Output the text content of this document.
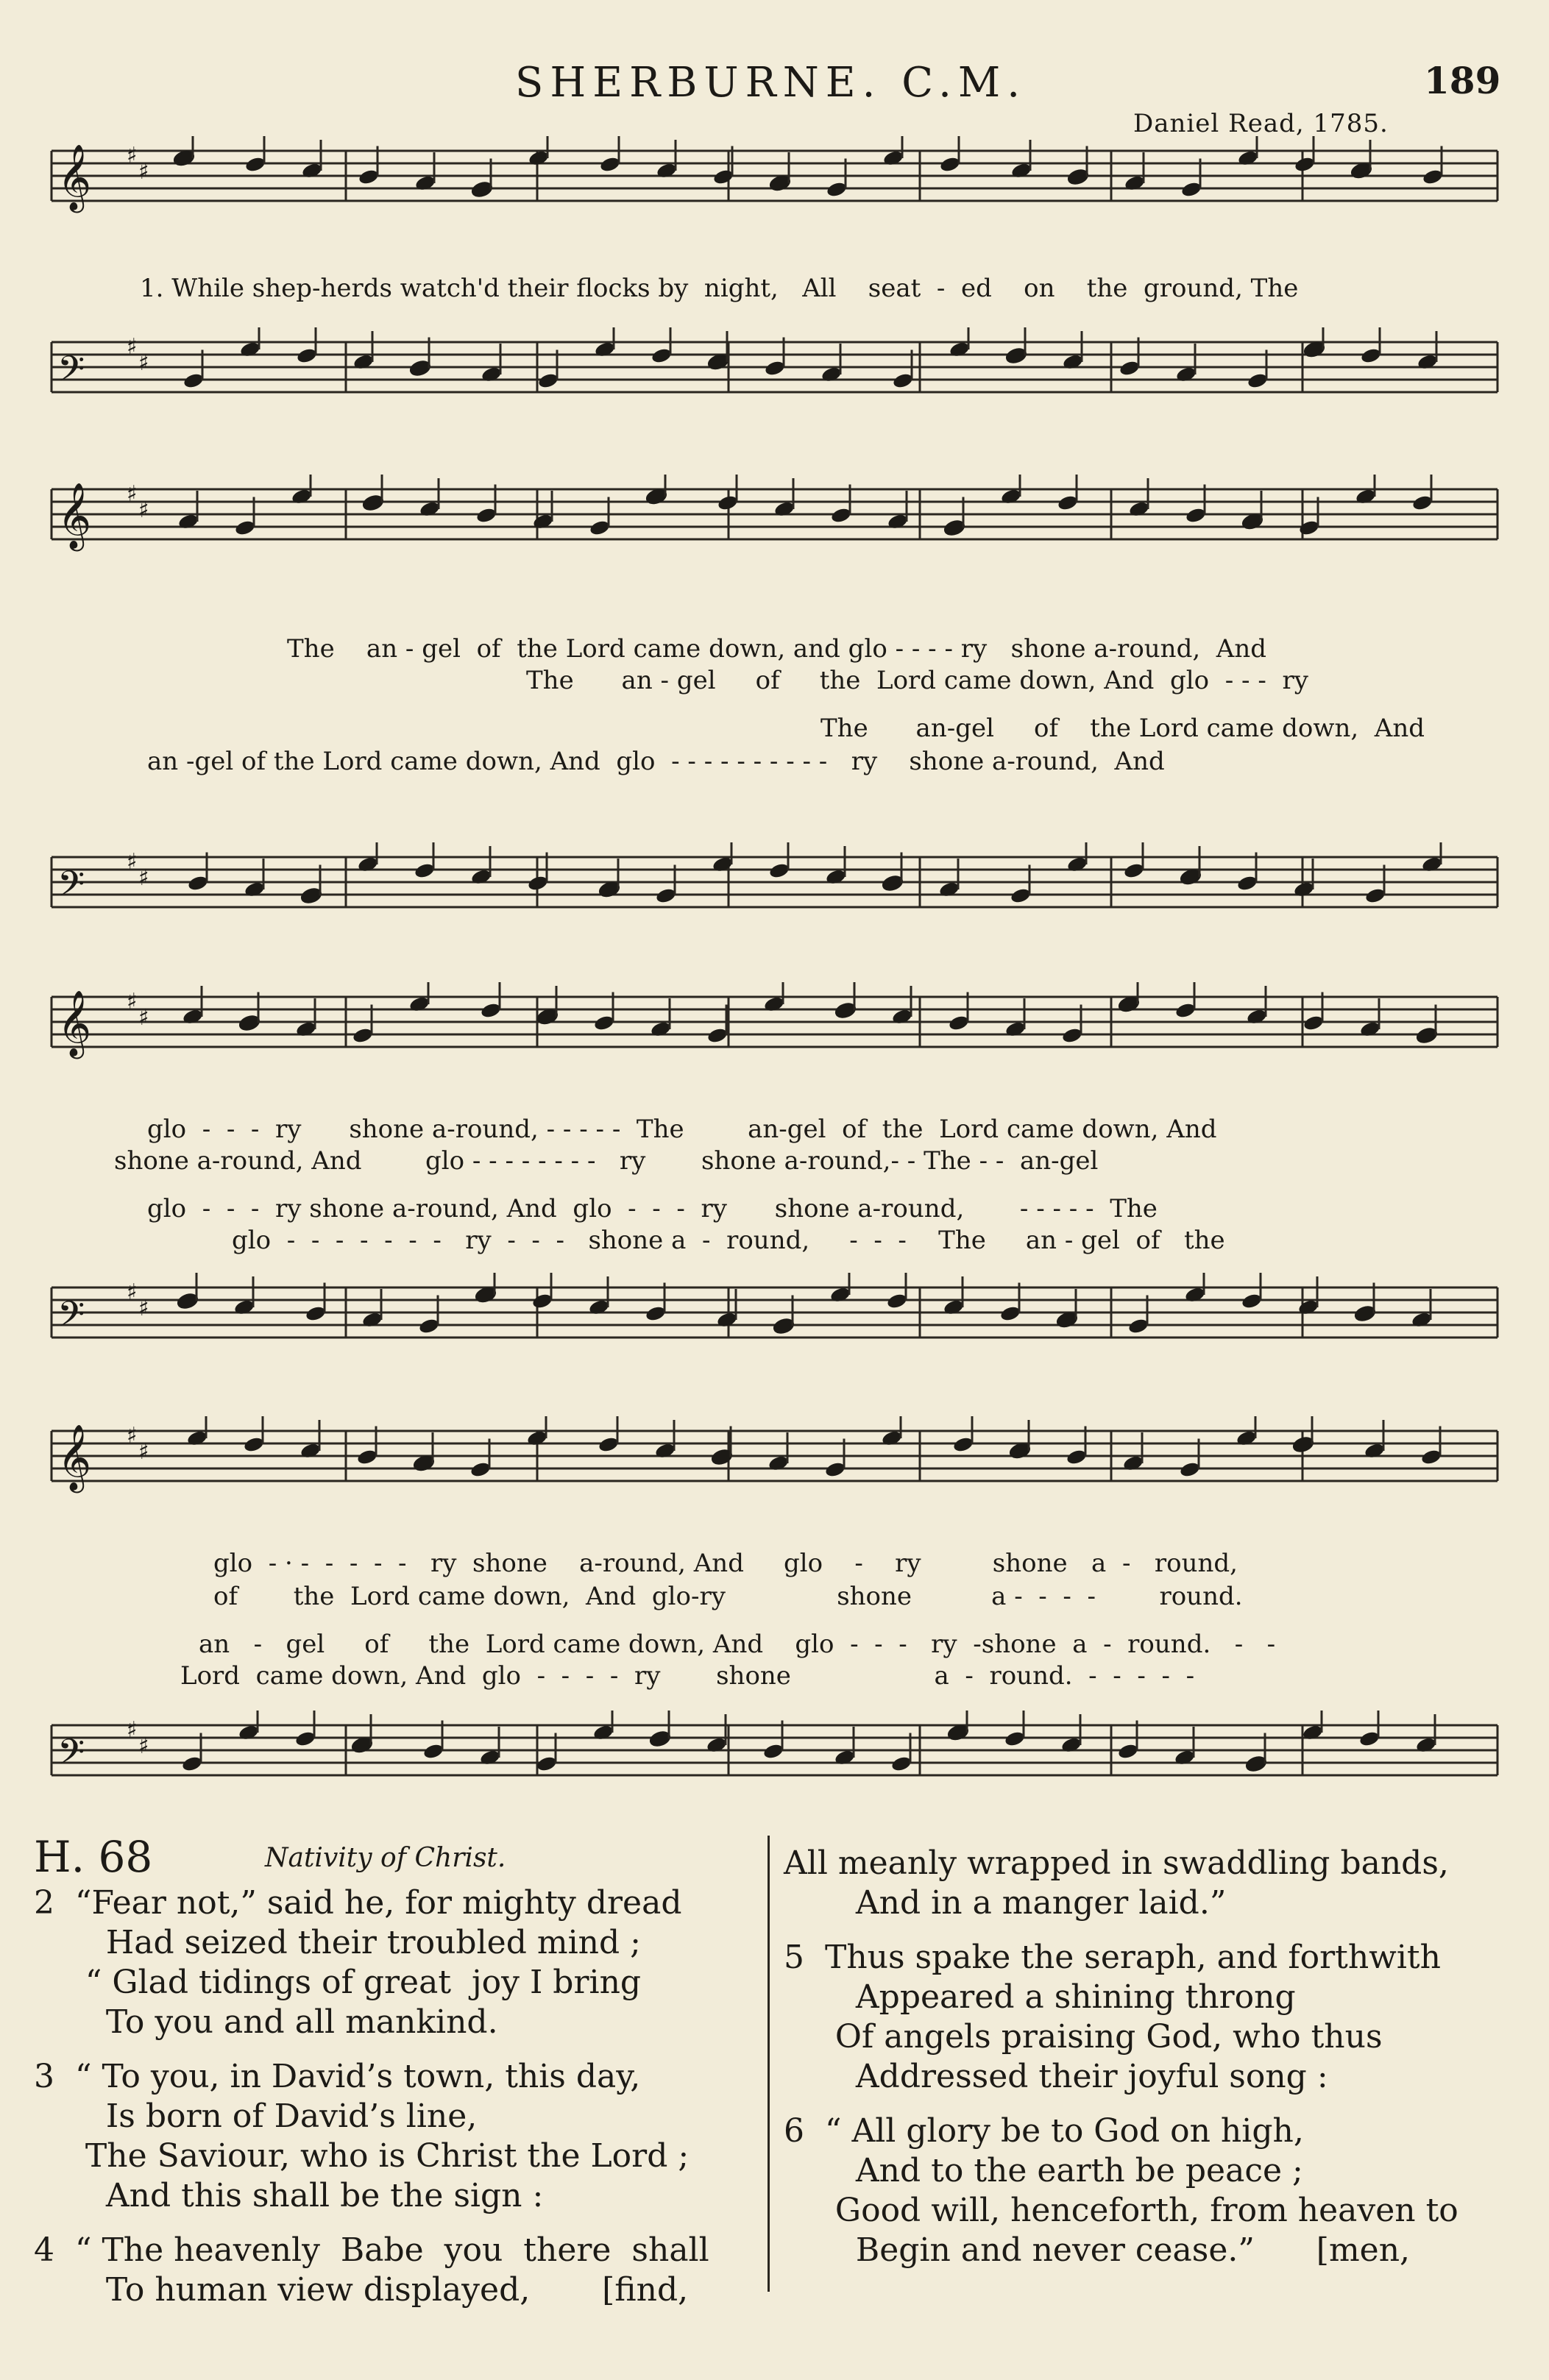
SHERBURNE. C.M.	189
Daniel Read, 1785.
𝄞 ♯
♯
𝄢
♯
♯
𝄞 ♯
♯
𝄢
♯
♯
𝄞 ♯
♯
𝄢
♯
♯
𝄞 ♯
♯
𝄢
♯
♯
1. While shep-herds watch'd their flocks by  night,   All    seat  -  ed    on    the  ground, The
The    an - gel  of  the Lord came down, and glo - - - - ry   shone a-round,  And
The      an - gel     of     the  Lord came down, And  glo  - - -  ry
The      an-gel     of    the Lord came down,  And
an -gel of the Lord came down, And  glo  - - - - - - - - - -   ry    shone a-round,  And
glo  -  -  -  ry      shone a-round, - - - - -  The        an-gel  of  the  Lord came down, And
shone a-round, And        glo - - - - - - - -   ry       shone a-round,- - The - -  an-gel
glo  -  -  -  ry shone a-round, And  glo  -  -  -  ry      shone a-round,       - - - - -  The
glo  -  -  -  -  -  -  -   ry  -  -  -   shone a  -  round,     -  -  -    The     an - gel  of   the
glo  - · -  -  -  -  -   ry  shone    a-round, And     glo    -    ry         shone   a  -   round,
of       the  Lord came down,  And  glo-ry              shone          a -  -  -  -        round.
an   -   gel     of     the  Lord came down, And    glo  -  -  -   ry  -shone  a  -  round.   -   -
Lord  came down, And  glo  -  -  -  -  ry       shone                  a  -  round.  -  -  -  -  -
H. 68	Nativity of Christ.
2  “Fear not,” said he, for mighty dread
Had seized their troubled mind ;
“ Glad tidings of great  joy I bring
To you and all mankind.

3  “ To you, in David’s town, this day,
Is born of David’s line,
The Saviour, who is Christ the Lord ;
And this shall be the sign :

4  “ The heavenly  Babe  you  there  shall
To human view displayed,       [find,
All meanly wrapped in swaddling bands,
And in a manger laid.”

5  Thus spake the seraph, and forthwith
Appeared a shining throng
Of angels praising God, who thus
Addressed their joyful song :

6  “ All glory be to God on high,
And to the earth be peace ;
Good will, henceforth, from heaven to
Begin and never cease.”      [men,
